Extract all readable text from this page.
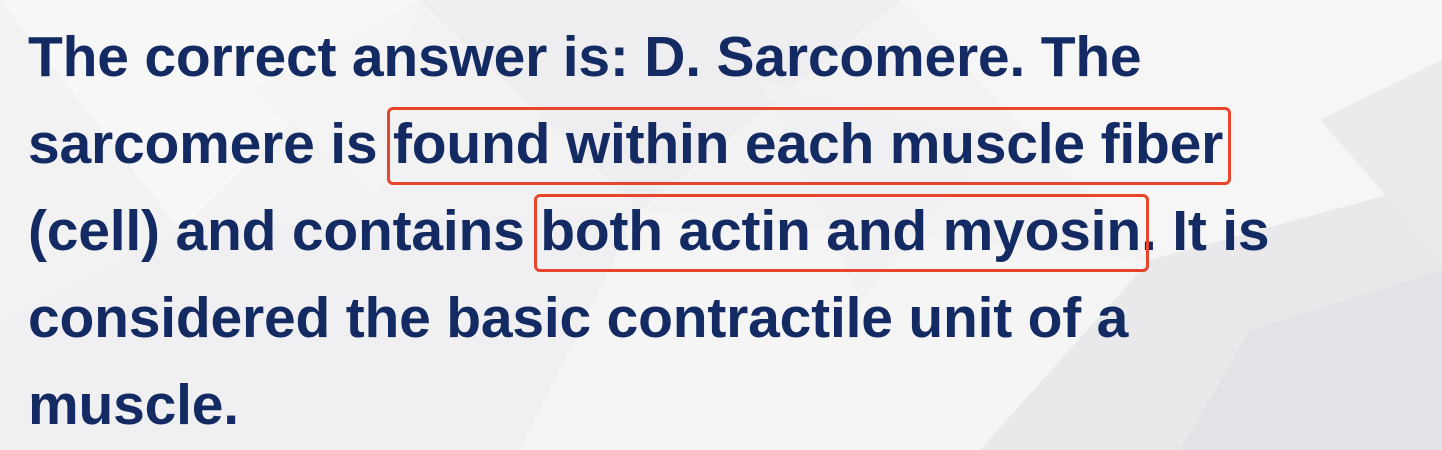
The correct answer is: D. Sarcomere. The

sarcomere is found within each muscle fiber

(cell) and contains both actin and myosin. It is

considered the basic contractile unit of a

muscle.
